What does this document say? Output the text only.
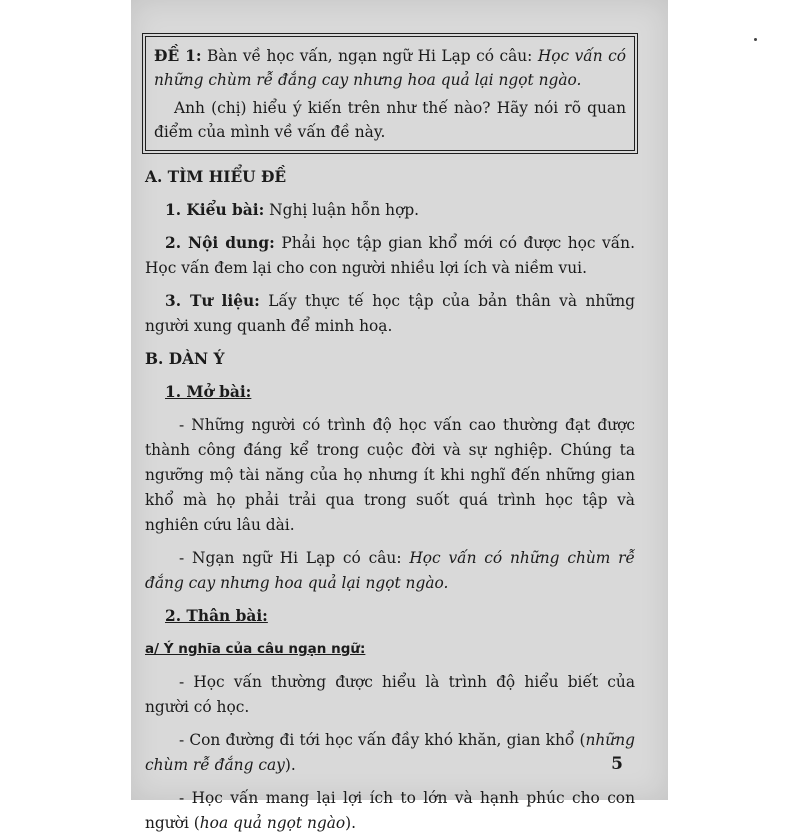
ĐỀ 1: Bàn về học vấn, ngạn ngữ Hi Lạp có câu: Học vấn có những chùm rễ đắng cay nhưng hoa quả lại ngọt ngào.

Anh (chị) hiểu ý kiến trên như thế nào? Hãy nói rõ quan điểm của mình về vấn đề này.

A. TÌM HIỂU ĐỀ

1. Kiểu bài: Nghị luận hỗn hợp.

2. Nội dung: Phải học tập gian khổ mới có được học vấn. Học vấn đem lại cho con người nhiều lợi ích và niềm vui.

3. Tư liệu: Lấy thực tế học tập của bản thân và những người xung quanh để minh hoạ.

B. DÀN Ý

1. Mở bài:

- Những người có trình độ học vấn cao thường đạt được thành công đáng kể trong cuộc đời và sự nghiệp. Chúng ta ngưỡng mộ tài năng của họ nhưng ít khi nghĩ đến những gian khổ mà họ phải trải qua trong suốt quá trình học tập và nghiên cứu lâu dài.

- Ngạn ngữ Hi Lạp có câu: Học vấn có những chùm rễ đắng cay nhưng hoa quả lại ngọt ngào.

2. Thân bài:

a/ Ý nghĩa của câu ngạn ngữ:

- Học vấn thường được hiểu là trình độ hiểu biết của người có học.

- Con đường đi tới học vấn đầy khó khăn, gian khổ (những chùm rễ đắng cay).

- Học vấn mang lại lợi ích to lớn và hạnh phúc cho con người (hoa quả ngọt ngào).

5
